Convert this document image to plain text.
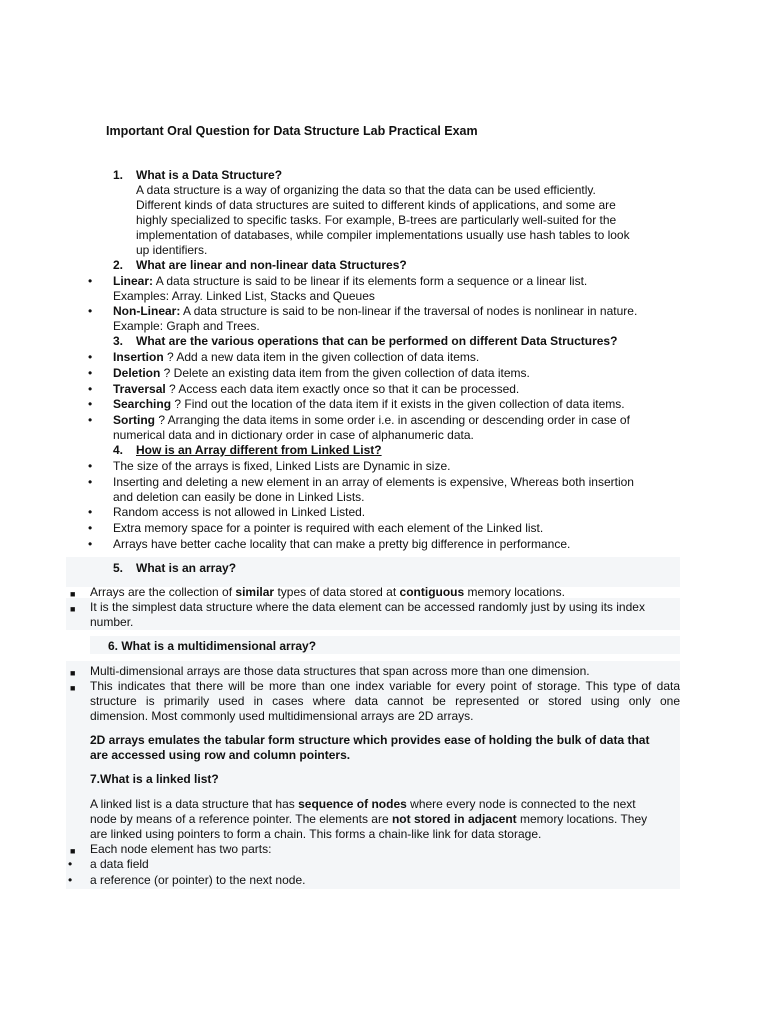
Important Oral Question for Data Structure Lab Practical Exam
1. What is a Data Structure?
A data structure is a way of organizing the data so that the data can be used efficiently.
Different kinds of data structures are suited to different kinds of applications, and some are
highly specialized to specific tasks. For example, B-trees are particularly well-suited for the
implementation of databases, while compiler implementations usually use hash tables to look
up identifiers.
2. What are linear and non-linear data Structures?
• Linear: A data structure is said to be linear if its elements form a sequence or a linear list.
Examples: Array. Linked List, Stacks and Queues
• Non-Linear: A data structure is said to be non-linear if the traversal of nodes is nonlinear in nature.
Example: Graph and Trees.
3. What are the various operations that can be performed on different Data Structures?
• Insertion ? Add a new data item in the given collection of data items.
• Deletion ? Delete an existing data item from the given collection of data items.
• Traversal ? Access each data item exactly once so that it can be processed.
• Searching ? Find out the location of the data item if it exists in the given collection of data items.
• Sorting ? Arranging the data items in some order i.e. in ascending or descending order in case of
numerical data and in dictionary order in case of alphanumeric data.
4. How is an Array different from Linked List?
• The size of the arrays is fixed, Linked Lists are Dynamic in size.
• Inserting and deleting a new element in an array of elements is expensive, Whereas both insertion
and deletion can easily be done in Linked Lists.
• Random access is not allowed in Linked Listed.
• Extra memory space for a pointer is required with each element of the Linked list.
• Arrays have better cache locality that can make a pretty big difference in performance.
5. What is an array?
■ Arrays are the collection of similar types of data stored at contiguous memory locations.
■ It is the simplest data structure where the data element can be accessed randomly just by using its index
number.
6. What is a multidimensional array?
■ Multi-dimensional arrays are those data structures that span across more than one dimension.
■ This indicates that there will be more than one index variable for every point of storage. This type of data
structure is primarily used in cases where data cannot be represented or stored using only one
dimension. Most commonly used multidimensional arrays are 2D arrays.
2D arrays emulates the tabular form structure which provides ease of holding the bulk of data that
are accessed using row and column pointers.
7.What is a linked list?
A linked list is a data structure that has sequence of nodes where every node is connected to the next
node by means of a reference pointer. The elements are not stored in adjacent memory locations. They
are linked using pointers to form a chain. This forms a chain-like link for data storage.
■ Each node element has two parts:
• a data field
• a reference (or pointer) to the next node.
